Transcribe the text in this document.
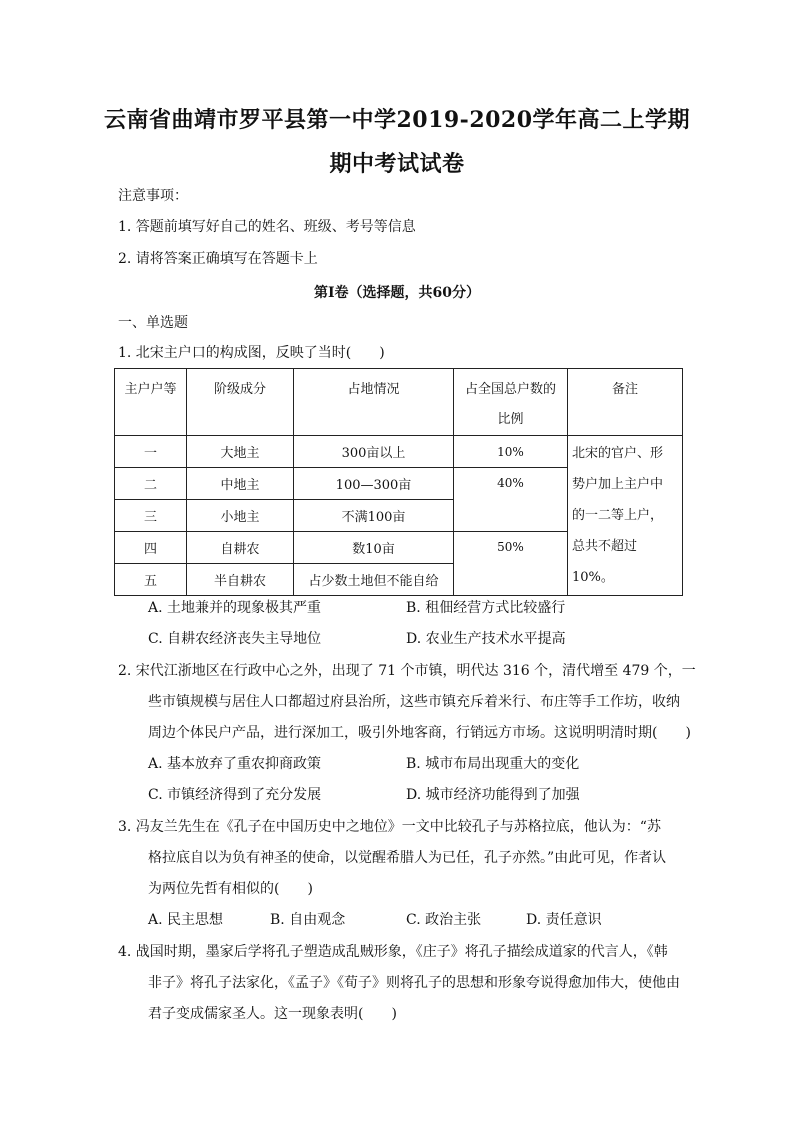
云南省曲靖市罗平县第一中学2019-2020学年高二上学期
期中考试试卷
注意事项：
1. 答题前填写好自己的姓名、班级、考号等信息
2. 请将答案正确填写在答题卡上
第Ⅰ卷（选择题，共60分）
一、单选题
1. 北宋主户口的构成图，反映了当时(　　)
主户户等	阶级成分	占地情况	占全国总户数的
比例	备注
一	大地主	300亩以上	10%	北宋的官户、形
势户加上主户中
的一二等上户，
总共不超过10%。
二	中地主	100—300亩	40%	
三	小地主	不满100亩		
四	自耕农	数10亩	50%	
五	半自耕农	占少数土地但不能自给		
A. 土地兼并的现象极其严重	B. 租佃经营方式比较盛行
C. 自耕农经济丧失主导地位	D. 农业生产技术水平提高
2. 宋代江浙地区在行政中心之外，出现了 71 个市镇，明代达 316 个，清代增至 479 个，一
些市镇规模与居住人口都超过府县治所，这些市镇充斥着米行、布庄等手工作坊，收纳
周边个体民户产品，进行深加工，吸引外地客商，行销远方市场。这说明明清时期(　　)
A. 基本放弃了重农抑商政策	B. 城市布局出现重大的变化
C. 市镇经济得到了充分发展	D. 城市经济功能得到了加强
3. 冯友兰先生在《孔子在中国历史中之地位》一文中比较孔子与苏格拉底，他认为：“苏
格拉底自以为负有神圣的使命，以觉醒希腊人为已任，孔子亦然。”由此可见，作者认
为两位先哲有相似的(　　)
A. 民主思想	B. 自由观念	C. 政治主张	D. 责任意识
4. 战国时期，墨家后学将孔子塑造成乱贼形象，《庄子》将孔子描绘成道家的代言人，《韩
非子》将孔子法家化，《孟子》《荀子》则将孔子的思想和形象夸说得愈加伟大，使他由
君子变成儒家圣人。这一现象表明(　　)
